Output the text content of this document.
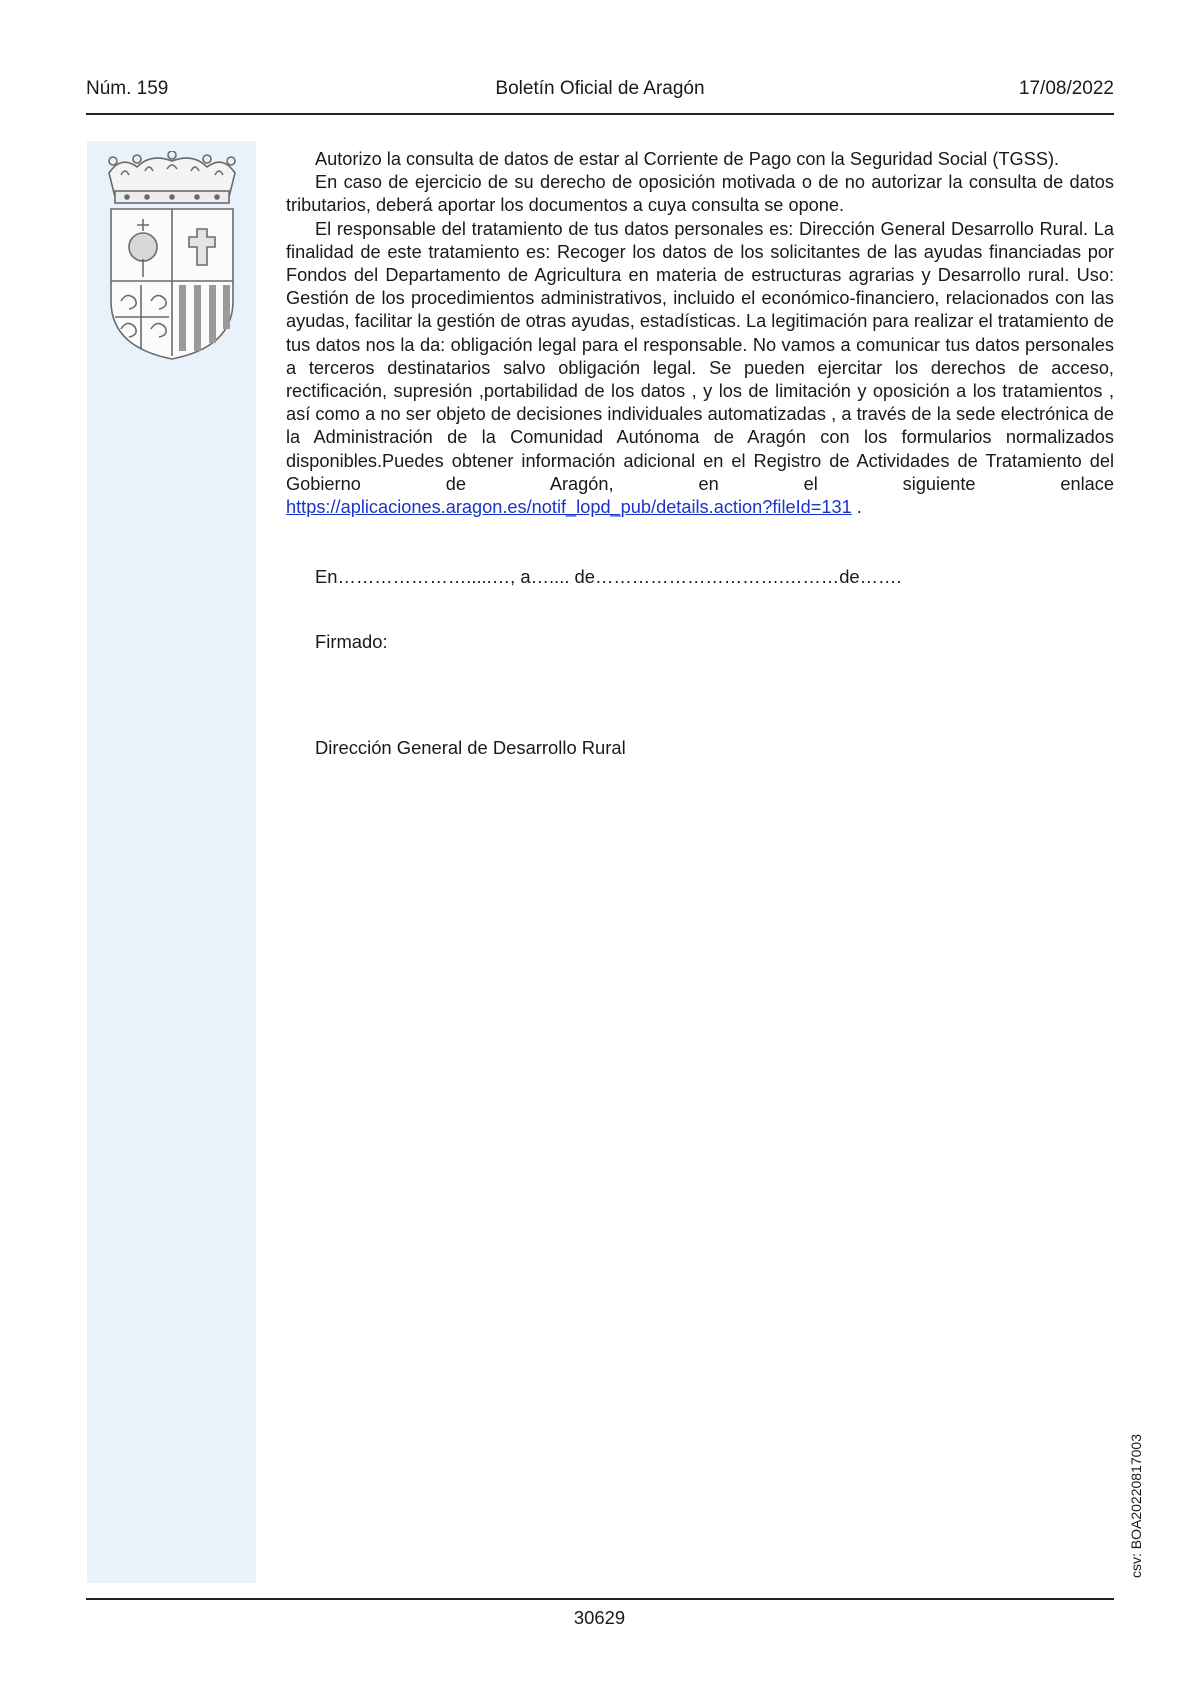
Núm. 159	Boletín Oficial de Aragón	17/08/2022

Autorizo la consulta de datos de estar al Corriente de Pago con la Seguridad Social (TGSS).

En caso de ejercicio de su derecho de oposición motivada o de no autorizar la consulta de datos tributarios, deberá aportar los documentos a cuya consulta se opone.

El responsable del tratamiento de tus datos personales es: Dirección General Desarrollo Rural. La finalidad de este tratamiento es: Recoger los datos de los solicitantes de las ayudas financiadas por Fondos del Departamento de Agricultura en materia de estructuras agrarias y Desarrollo rural. Uso: Gestión de los procedimientos administrativos, incluido el económico-financiero, relacionados con las ayudas, facilitar la gestión de otras ayudas, estadísticas. La legitimación para realizar el tratamiento de tus datos nos la da: obligación legal para el responsable. No vamos a comunicar tus datos personales a terceros destinatarios salvo obligación legal. Se pueden ejercitar los derechos de acceso, rectificación, supresión ,portabilidad de los datos , y los de limitación y oposición a los tratamientos , así como a no ser objeto de decisiones individuales automatizadas , a través de la sede electrónica de la Administración de la Comunidad Autónoma de Aragón con los formularios normalizados disponibles.Puedes obtener información adicional en el Registro de Actividades de Tratamiento del Gobierno de Aragón, en el siguiente enlace https://aplicaciones.aragon.es/notif_lopd_pub/details.action?fileId=131 .

En………………….....…, a….... de………………………….………de…….
Firmado:
Dirección General de Desarrollo Rural
csv: BOA20220817003
30629
